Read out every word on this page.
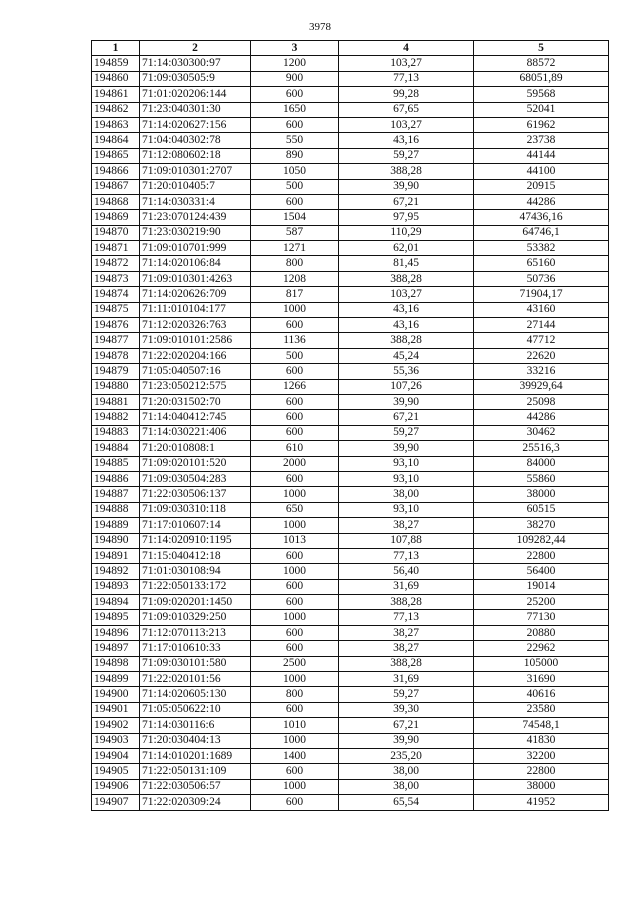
3978
1	2	3	4	5
194859	71:14:030300:97	1200	103,27	88572
194860	71:09:030505:9	900	77,13	68051,89
194861	71:01:020206:144	600	99,28	59568
194862	71:23:040301:30	1650	67,65	52041
194863	71:14:020627:156	600	103,27	61962
194864	71:04:040302:78	550	43,16	23738
194865	71:12:080602:18	890	59,27	44144
194866	71:09:010301:2707	1050	388,28	44100
194867	71:20:010405:7	500	39,90	20915
194868	71:14:030331:4	600	67,21	44286
194869	71:23:070124:439	1504	97,95	47436,16
194870	71:23:030219:90	587	110,29	64746,1
194871	71:09:010701:999	1271	62,01	53382
194872	71:14:020106:84	800	81,45	65160
194873	71:09:010301:4263	1208	388,28	50736
194874	71:14:020626:709	817	103,27	71904,17
194875	71:11:010104:177	1000	43,16	43160
194876	71:12:020326:763	600	43,16	27144
194877	71:09:010101:2586	1136	388,28	47712
194878	71:22:020204:166	500	45,24	22620
194879	71:05:040507:16	600	55,36	33216
194880	71:23:050212:575	1266	107,26	39929,64
194881	71:20:031502:70	600	39,90	25098
194882	71:14:040412:745	600	67,21	44286
194883	71:14:030221:406	600	59,27	30462
194884	71:20:010808:1	610	39,90	25516,3
194885	71:09:020101:520	2000	93,10	84000
194886	71:09:030504:283	600	93,10	55860
194887	71:22:030506:137	1000	38,00	38000
194888	71:09:030310:118	650	93,10	60515
194889	71:17:010607:14	1000	38,27	38270
194890	71:14:020910:1195	1013	107,88	109282,44
194891	71:15:040412:18	600	77,13	22800
194892	71:01:030108:94	1000	56,40	56400
194893	71:22:050133:172	600	31,69	19014
194894	71:09:020201:1450	600	388,28	25200
194895	71:09:010329:250	1000	77,13	77130
194896	71:12:070113:213	600	38,27	20880
194897	71:17:010610:33	600	38,27	22962
194898	71:09:030101:580	2500	388,28	105000
194899	71:22:020101:56	1000	31,69	31690
194900	71:14:020605:130	800	59,27	40616
194901	71:05:050622:10	600	39,30	23580
194902	71:14:030116:6	1010	67,21	74548,1
194903	71:20:030404:13	1000	39,90	41830
194904	71:14:010201:1689	1400	235,20	32200
194905	71:22:050131:109	600	38,00	22800
194906	71:22:030506:57	1000	38,00	38000
194907	71:22:020309:24	600	65,54	41952
